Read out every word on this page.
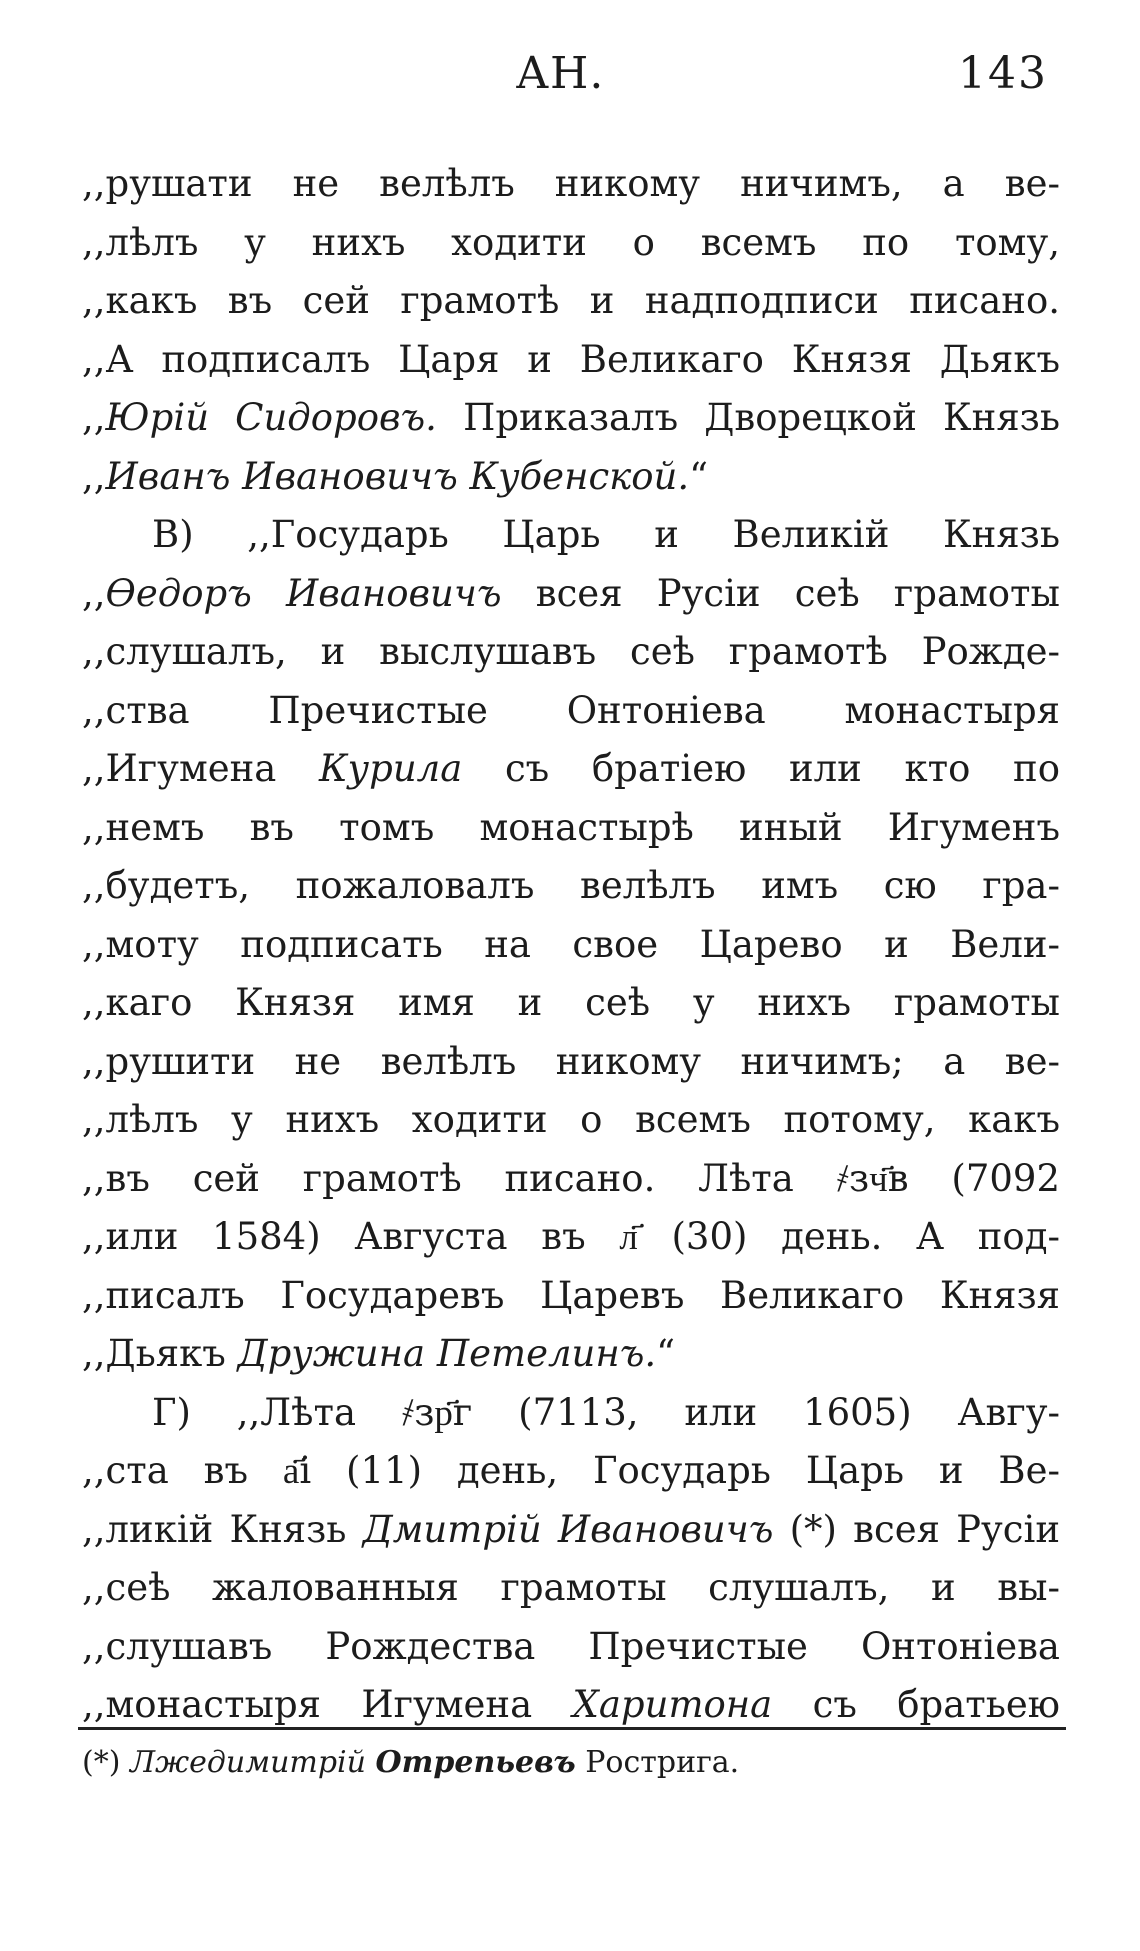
АН.	143
,,рушати не велѣлъ никому ничимъ, а ве-
,,лѣлъ у нихъ ходити о всемъ по тому,
,,какъ въ сей грамотѣ и надподписи писано.
,,А подписалъ Царя и Великаго Князя Дьякъ
,,Юрій Сидоровъ. Приказалъ Дворецкой Князь
,,Иванъ Ивановичъ Кубенской.“
В) ,,Государь Царь и Великій Князь
,,Ѳедоръ Ивановичъ всея Русіи сеѣ грамоты
,,слушалъ, и выслушавъ сеѣ грамотѣ Рожде-
,,ства Пречистые Онтоніева монастыря
,,Игумена Курила съ братіею или кто по
,,немъ въ томъ монастырѣ иный Игуменъ
,,будетъ, пожаловалъ велѣлъ имъ сю гра-
,,моту подписать на свое Царево и Вели-
,,каго Князя имя и сеѣ у нихъ грамоты
,,рушити не велѣлъ никому ничимъ; а ве-
,,лѣлъ у нихъ ходити о всемъ потому, какъ
,,въ сей грамотѣ писано. Лѣта ҂зч҃в (7092
,,или 1584) Августа въ л҃ (30) день. А под-
,,писалъ Государевъ Царевъ Великаго Князя
,,Дьякъ Дружина Петелинъ.“
Г) ,,Лѣта ҂зр҃г (7113, или 1605) Авгу-
,,ста въ а҃і (11) день, Государь Царь и Ве-
,,ликій Князь Дмитрій Ивановичъ (*) всея Русіи
,,сеѣ жалованныя грамоты слушалъ, и вы-
,,слушавъ Рождества Пречистые Онтоніева
,,монастыря Игумена Харитона съ братьею
(*) Лжедимитрій Отрепьевъ Ростригa.
